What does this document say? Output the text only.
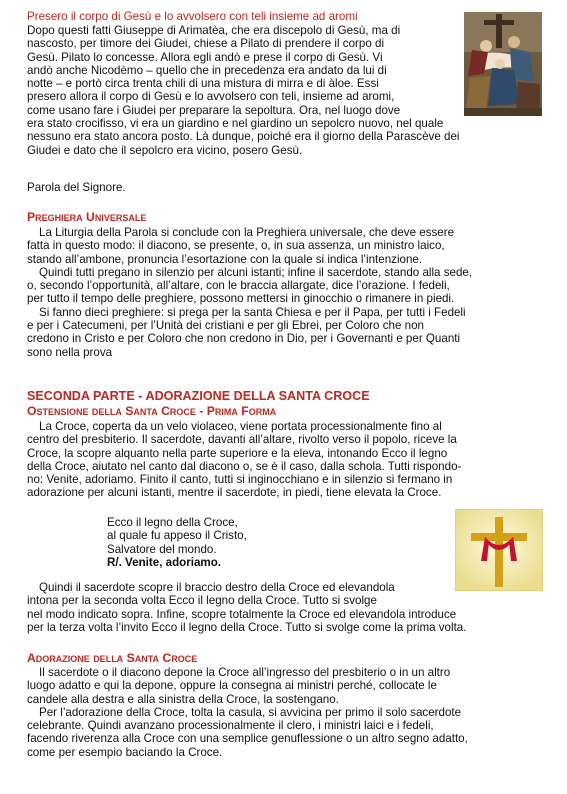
Presero il corpo di Gesù e lo avvolsero con teli insieme ad aromi

Dopo questi fatti Giuseppe di Arimatèa, che era discepolo di Gesù, ma di

nascosto, per timore dei Giudei, chiese a Pilato di prendere il corpo di

Gesù. Pilato lo concesse. Allora egli andò e prese il corpo di Gesù. Vi

andò anche Nicodèmo – quello che in precedenza era andato da lui di

notte – e portò circa trenta chili di una mistura di mirra e di àloe. Essi

presero allora il corpo di Gesù e lo avvolsero con teli, insieme ad aromi,

come usano fare i Giudei per preparare la sepoltura. Ora, nel luogo dove

era stato crocifisso, vi era un giardino e nel giardino un sepolcro nuovo, nel quale

nessuno era stato ancora posto. Là dunque, poiché era il giorno della Parascève dei

Giudei e dato che il sepolcro era vicino, posero Gesù.

Parola del Signore.

Preghiera Universale

La Liturgia della Parola si conclude con la Preghiera universale, che deve essere

fatta in questo modo: il diacono, se presente, o, in sua assenza, un ministro laico,

stando all’ambone, pronuncia l’esortazione con la quale si indica l’intenzione.

Quindi tutti pregano in silenzio per alcuni istanti; infine il sacerdote, stando alla sede,

o, secondo l’opportunità, all’altare, con le braccia allargate, dice l’orazione. I fedeli,

per tutto il tempo delle preghiere, possono mettersi in ginocchio o rimanere in piedi.

Si fanno dieci preghiere: si prega per la santa Chiesa e per il Papa, per tutti i Fedeli

e per i Catecumeni, per l’Unità dei cristiani e per gli Ebrei, per Coloro che non

credono in Cristo e per Coloro che non credono in Dio, per i Governanti e per Quanti

sono nella prova

SECONDA PARTE - ADORAZIONE DELLA SANTA CROCE

Ostensione della Santa Croce - Prima Forma

La Croce, coperta da un velo violaceo, viene portata processionalmente fino al

centro del presbiterio. Il sacerdote, davanti all’altare, rivolto verso il popolo, riceve la

Croce, la scopre alquanto nella parte superiore e la eleva, intonando Ecco il legno

della Croce, aiutato nel canto dal diacono o, se è il caso, dalla schola. Tutti rispondo-

no: Venite, adoriamo. Finito il canto, tutti si inginocchiano e in silenzio si fermano in

adorazione per alcuni istanti, mentre il sacerdote, in piedi, tiene elevata la Croce.

Ecco il legno della Croce,

al quale fu appeso il Cristo,

Salvatore del mondo.

R/. Venite, adoriamo.

Quindi il sacerdote scopre il braccio destro della Croce ed elevandola

intona per la seconda volta Ecco il legno della Croce. Tutto si svolge

nel modo indicato sopra. Infine, scopre totalmente la Croce ed elevandola introduce

per la terza volta l’invito Ecco il legno della Croce. Tutto si svolge come la prima volta.

Adorazione della Santa Croce

Il sacerdote o il diacono depone la Croce all’ingresso del presbiterio o in un altro

luogo adatto e qui la depone, oppure la consegna ai ministri perché, collocate le

candele alla destra e alla sinistra della Croce, la sostengano.

Per l’adorazione della Croce, tolta la casula, si avvicina per primo il solo sacerdote

celebrante. Quindi avanzano processionalmente il clero, i ministri laici e i fedeli,

facendo riverenza alla Croce con una semplice genuflessione o un altro segno adatto,

come per esempio baciando la Croce.
